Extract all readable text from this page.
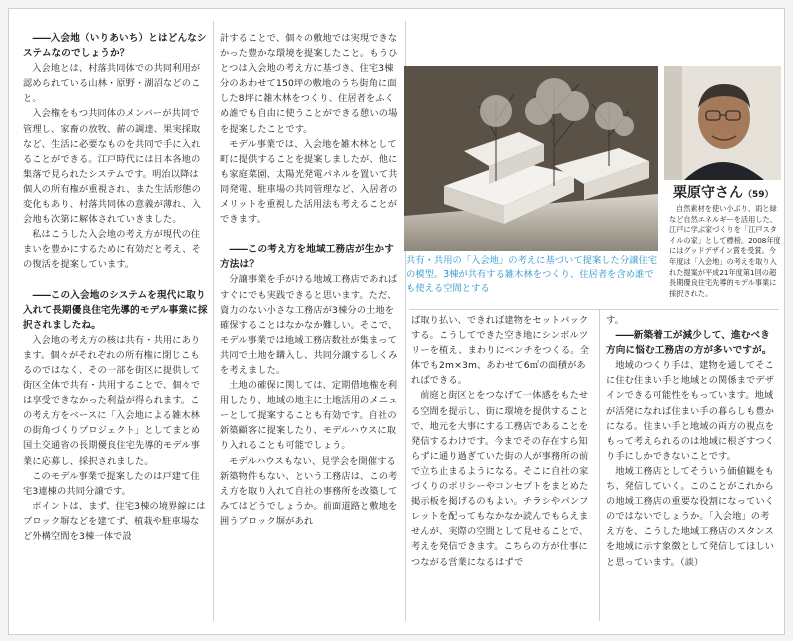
―― 入会地（いりあいち）とはどんなシステムなのでしょうか？

入会地とは、村落共同体での共同利用が認められている山林・原野・湖沼などのこと。

入会権をもつ共同体のメンバーが共同で管理し、家畜の放牧、薪の調達、果実採取など、生活に必要なものを共同で手に入れることができる。江戸時代には日本各地の集落で見られたシステムです。明治以降は個人の所有権が重視され、また生活形態の変化もあり、村落共同体の意義が薄れ、入会地も次第に解体されていきました。

私はこうした入会地の考え方が現代の住まいを豊かにするために有効だと考え、その復活を提案しています。

―― この入会地のシステムを現代に取り入れて長期優良住宅先導的モデル事業に採択されましたね。

入会地の考え方の核は共有・共用にあります。個々がそれぞれの所有権に閉じこもるのではなく、その一部を街区に提供して街区全体で共有・共用することで、個々では享受できなかった利益が得られます。この考え方をベースに「入会地による雑木林の街角づくりプロジェクト」としてまとめ国土交通省の長期優良住宅先導的モデル事業に応募し、採択されました。

このモデル事業で提案したのは戸建て住宅3連棟の共同分譲です。

ポイントは、まず、住宅3棟の境界線にはブロック塀などを建てず、植栽や駐車場など外構空間を3棟一体で設

計することで、個々の敷地では実現できなかった豊かな環境を提案したこと。もうひとつは入会地の考え方に基づき、住宅3棟分のあわせて150坪の敷地のうち街角に面した8坪に雑木林をつくり、住居者をふくめ誰でも自由に使うことができる憩いの場を提案したことです。

モデル事業では、入会地を雑木林として町に提供することを提案しましたが、他にも家庭菜園、太陽光発電パネルを置いて共同発電、駐車場の共同管理など、入居者のメリットを重視した活用法も考えることができます。

―― この考え方を地域工務店が生かす方法は？

分譲事業を手がける地域工務店であればすぐにでも実践できると思います。ただ、資力のない小さな工務店が3棟分の土地を確保することはなかなか難しい。そこで、モデル事業では地域工務店数社が集まって共同で土地を購入し、共同分譲するしくみを考えました。

土地の確保に関しては、定期借地権を利用したり、地域の地主に土地活用のメニューとして提案することも有効です。自社の新築顧客に提案したり、モデルハウスに取り入れることも可能でしょう。

モデルハウスもない、見学会を開催する新築物件もない、という工務店は、この考え方を取り入れて自社の事務所を改築してみてはどうでしょうか。前面道路と敷地を囲うブロック塀があれ

共有・共用の「入会地」の考えに基づいて提案した分譲住宅の模型。3棟が共有する雑木林をつくり、住居者を含め誰でも使える空間とする
栗原守さん（59）
自然素材を使い小ぶり、雨と緑など自然エネルギーを活用した、江戸に学ぶ家づくりを「江戸スタイルの家」として標榜。2008年度にはグッドデザイン賞を受賞。今年度は「入会地」の考えを取り入れた提案が平成21年度第1回の超長期優良住宅先導的モデル事業に採択された。

ば取り払い、できれば建物をセットバックする。こうしてできた空き地にシンボルツリーを植え、まわりにベンチをつくる。全体でも2m×3m、あわせて6㎡の面積があればできる。

前庭と街区とをつなげて一体感をもたせる空間を提示し、街に環境を提供することで、地元を大事にする工務店であることを発信するわけです。今までその存在すら知らずに通り過ぎていた街の人が事務所の前で立ち止まるようになる。そこに自社の家づくりのポリシーやコンセプトをまとめた掲示板を掲げるのもよい。チラシやパンフレットを配ってもなかなか読んでもらえませんが、実際の空間として見せることで、考えを発信できます。こちらの方が仕事につながる営業になるはずで

す。

―― 新築着工が減少して、進むべき方向に悩む工務店の方が多いですが。

地域のつくり手は、建物を通してそこに住む住まい手と地域との関係までデザインできる可能性をもっています。地域が活発になれば住まい手の暮らしも豊かになる。住まい手と地域の両方の視点をもって考えられるのは地域に根ざすつくり手にしかできないことです。

地域工務店としてそういう価値観をもち、発信していく。このことがこれからの地域工務店の重要な役割になっていくのではないでしょうか。「入会地」の考え方を、こうした地域工務店のスタンスを地域に示す象徴として発信してほしいと思っています。（談）
